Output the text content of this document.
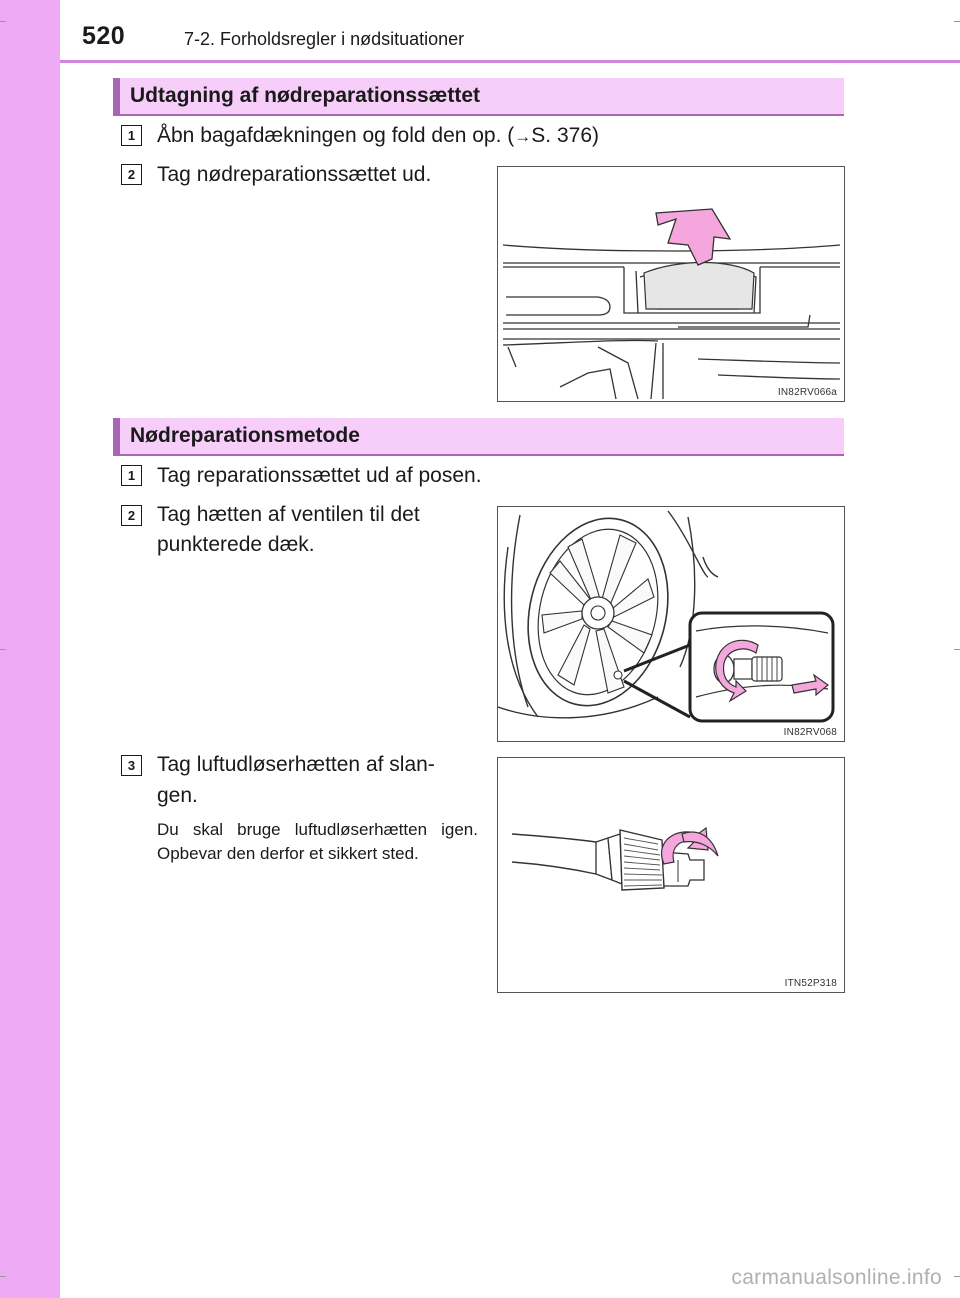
520	7-2. Forholdsregler i nødsituationer
Udtagning af nødreparationssættet
1	Åbn bagafdækningen og fold den op. (→S. 376)
2	Tag nødreparationssættet ud.
IN82RV066a
Nødreparationsmetode
1	Tag reparationssættet ud af posen.
2	Tag hætten af ventilen til det
punkterede dæk.
IN82RV068
3	Tag luftudløserhætten af slan-
gen.
Du skal bruge luftudløserhætten igen. Opbevar den derfor et sikkert sted.
ITN52P318
carmanualsonline.info
